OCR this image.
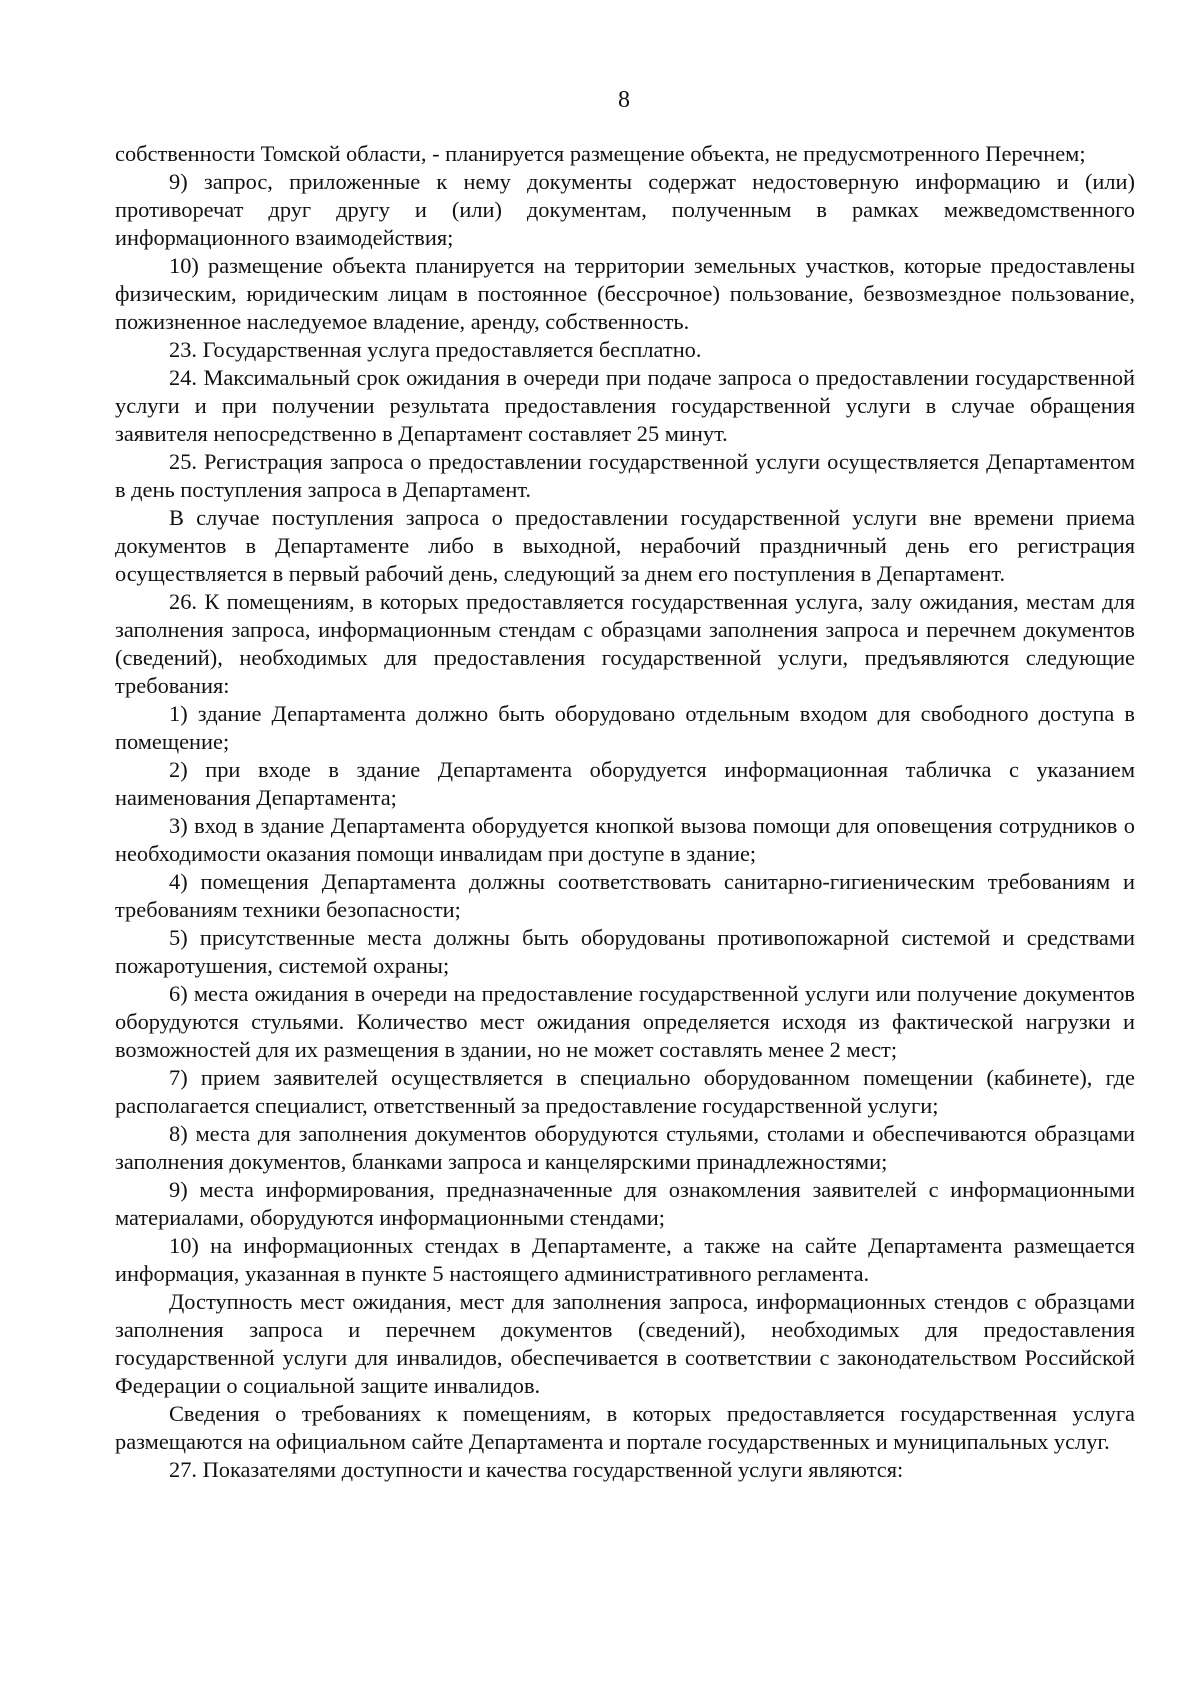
8

собственности Томской области, - планируется размещение объекта, не предусмотренного Перечнем;

9) запрос, приложенные к нему документы содержат недостоверную информацию и (или) противоречат друг другу и (или) документам, полученным в рамках межведомственного информационного взаимодействия;

10) размещение объекта планируется на территории земельных участков, которые предоставлены физическим, юридическим лицам в постоянное (бессрочное) пользование, безвозмездное пользование, пожизненное наследуемое владение, аренду, собственность.

23. Государственная услуга предоставляется бесплатно.

24. Максимальный срок ожидания в очереди при подаче запроса о предоставлении государственной услуги и при получении результата предоставления государственной услуги в случае обращения заявителя непосредственно в Департамент составляет 25 минут.

25. Регистрация запроса о предоставлении государственной услуги осуществляется Департаментом в день поступления запроса в Департамент.

В случае поступления запроса о предоставлении государственной услуги вне времени приема документов в Департаменте либо в выходной, нерабочий праздничный день его регистрация осуществляется в первый рабочий день, следующий за днем его поступления в Департамент.

26. К помещениям, в которых предоставляется государственная услуга, залу ожидания, местам для заполнения запроса, информационным стендам с образцами заполнения запроса и перечнем документов (сведений), необходимых для предоставления государственной услуги, предъявляются следующие требования:

1) здание Департамента должно быть оборудовано отдельным входом для свободного доступа в помещение;

2) при входе в здание Департамента оборудуется информационная табличка с указанием наименования Департамента;

3) вход в здание Департамента оборудуется кнопкой вызова помощи для оповещения сотрудников о необходимости оказания помощи инвалидам при доступе в здание;

4) помещения Департамента должны соответствовать санитарно-гигиеническим требованиям и требованиям техники безопасности;

5) присутственные места должны быть оборудованы противопожарной системой и средствами пожаротушения, системой охраны;

6) места ожидания в очереди на предоставление государственной услуги или получение документов оборудуются стульями. Количество мест ожидания определяется исходя из фактической нагрузки и возможностей для их размещения в здании, но не может составлять менее 2 мест;

7) прием заявителей осуществляется в специально оборудованном помещении (кабинете), где располагается специалист, ответственный за предоставление государственной услуги;

8) места для заполнения документов оборудуются стульями, столами и обеспечиваются образцами заполнения документов, бланками запроса и канцелярскими принадлежностями;

9) места информирования, предназначенные для ознакомления заявителей с информационными материалами, оборудуются информационными стендами;

10) на информационных стендах в Департаменте, а также на сайте Департамента размещается информация, указанная в пункте 5 настоящего административного регламента.

Доступность мест ожидания, мест для заполнения запроса, информационных стендов с образцами заполнения запроса и перечнем документов (сведений), необходимых для предоставления государственной услуги для инвалидов, обеспечивается в соответствии с законодательством Российской Федерации о социальной защите инвалидов.

Сведения о требованиях к помещениям, в которых предоставляется государственная услуга размещаются на официальном сайте Департамента и портале государственных и муниципальных услуг.

27. Показателями доступности и качества государственной услуги являются:
